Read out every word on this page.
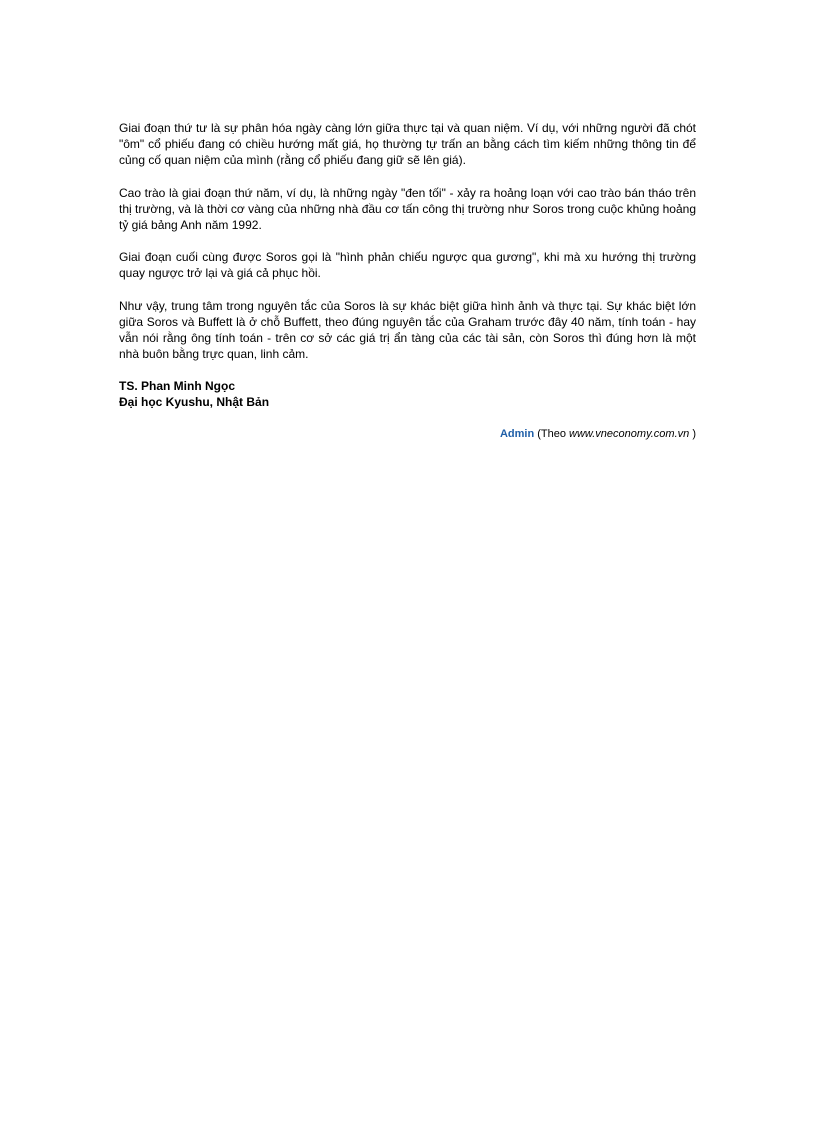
Giai đoạn thứ tư là sự phân hóa ngày càng lớn giữa thực tại và quan niệm. Ví dụ, với những người đã chót "ôm" cổ phiếu đang có chiều hướng mất giá, họ thường tự trấn an bằng cách tìm kiếm những thông tin để củng cố quan niệm của mình (rằng cổ phiếu đang giữ sẽ lên giá).

Cao trào là giai đoạn thứ năm, ví dụ, là những ngày "đen tối" - xảy ra hoảng loạn với cao trào bán tháo trên thị trường, và là thời cơ vàng của những nhà đầu cơ tấn công thị trường như Soros trong cuộc khủng hoảng tỷ giá bảng Anh năm 1992.

Giai đoạn cuối cùng được Soros gọi là "hình phản chiếu ngược qua gương", khi mà xu hướng thị trường quay ngược trở lại và giá cả phục hồi.

Như vậy, trung tâm trong nguyên tắc của Soros là sự khác biệt giữa hình ảnh và thực tại. Sự khác biệt lớn giữa Soros và Buffett là ở chỗ Buffett, theo đúng nguyên tắc của Graham trước đây 40 năm, tính toán - hay vẫn nói rằng ông tính toán - trên cơ sở các giá trị ẩn tàng của các tài sản, còn Soros thì đúng hơn là một nhà buôn bằng trực quan, linh cảm.

TS. Phan Minh Ngọc
Đại học Kyushu, Nhật Bản
Admin (Theo www.vneconomy.com.vn )
